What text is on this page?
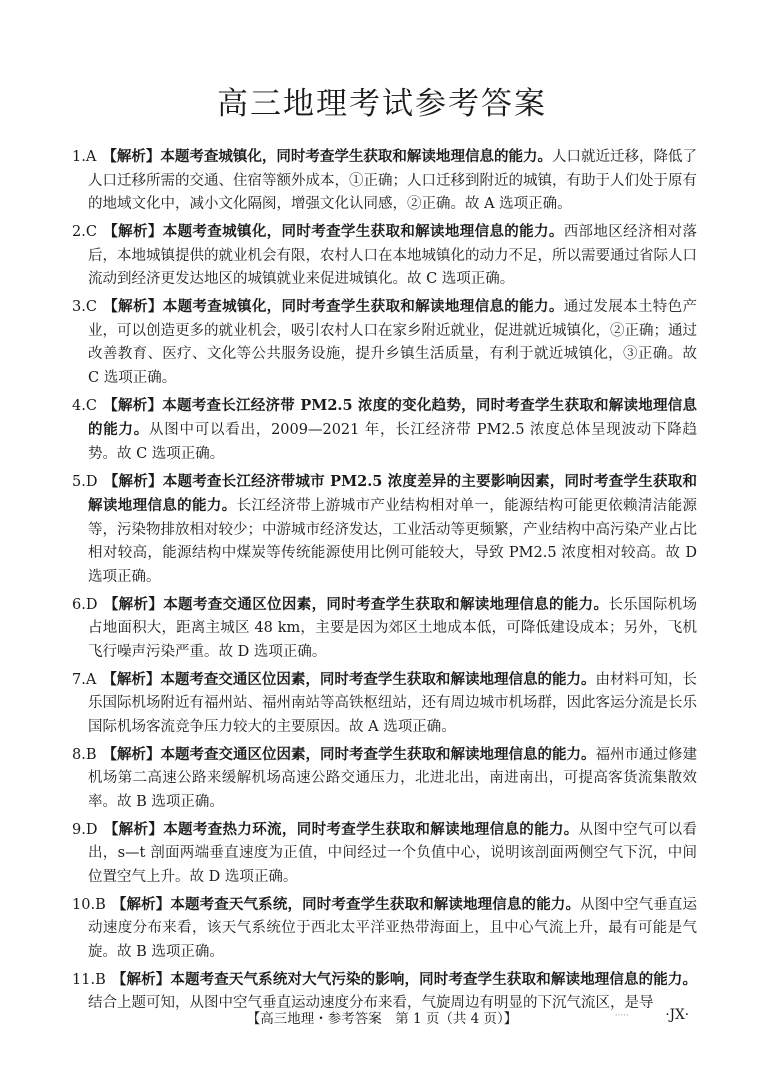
高三地理考试参考答案
1.A 【解析】本题考查城镇化，同时考查学生获取和解读地理信息的能力。人口就近迁移，降低了人口迁移所需的交通、住宿等额外成本，①正确；人口迁移到附近的城镇，有助于人们处于原有的地域文化中，减小文化隔阂，增强文化认同感，②正确。故 A 选项正确。
2.C 【解析】本题考查城镇化，同时考查学生获取和解读地理信息的能力。西部地区经济相对落后，本地城镇提供的就业机会有限，农村人口在本地城镇化的动力不足，所以需要通过省际人口流动到经济更发达地区的城镇就业来促进城镇化。故 C 选项正确。
3.C 【解析】本题考查城镇化，同时考查学生获取和解读地理信息的能力。通过发展本土特色产业，可以创造更多的就业机会，吸引农村人口在家乡附近就业，促进就近城镇化，②正确；通过改善教育、医疗、文化等公共服务设施，提升乡镇生活质量，有利于就近城镇化，③正确。故 C 选项正确。
4.C 【解析】本题考查长江经济带 PM2.5 浓度的变化趋势，同时考查学生获取和解读地理信息的能力。从图中可以看出，2009—2021 年，长江经济带 PM2.5 浓度总体呈现波动下降趋势。故 C 选项正确。
5.D 【解析】本题考查长江经济带城市 PM2.5 浓度差异的主要影响因素，同时考查学生获取和解读地理信息的能力。长江经济带上游城市产业结构相对单一，能源结构可能更依赖清洁能源等，污染物排放相对较少；中游城市经济发达，工业活动等更频繁，产业结构中高污染产业占比相对较高，能源结构中煤炭等传统能源使用比例可能较大，导致 PM2.5 浓度相对较高。故 D 选项正确。
6.D 【解析】本题考查交通区位因素，同时考查学生获取和解读地理信息的能力。长乐国际机场占地面积大，距离主城区 48 km，主要是因为郊区土地成本低，可降低建设成本；另外，飞机飞行噪声污染严重。故 D 选项正确。
7.A 【解析】本题考查交通区位因素，同时考查学生获取和解读地理信息的能力。由材料可知，长乐国际机场附近有福州站、福州南站等高铁枢纽站，还有周边城市机场群，因此客运分流是长乐国际机场客流竞争压力较大的主要原因。故 A 选项正确。
8.B 【解析】本题考查交通区位因素，同时考查学生获取和解读地理信息的能力。福州市通过修建机场第二高速公路来缓解机场高速公路交通压力，北进北出，南进南出，可提高客货流集散效率。故 B 选项正确。
9.D 【解析】本题考查热力环流，同时考查学生获取和解读地理信息的能力。从图中空气可以看出，s—t 剖面两端垂直速度为正值，中间经过一个负值中心，说明该剖面两侧空气下沉，中间位置空气上升。故 D 选项正确。
10.B 【解析】本题考查天气系统，同时考查学生获取和解读地理信息的能力。从图中空气垂直运动速度分布来看，该天气系统位于西北太平洋亚热带海面上，且中心气流上升，最有可能是气旋。故 B 选项正确。
11.B 【解析】本题考查天气系统对大气污染的影响，同时考查学生获取和解读地理信息的能力。结合上题可知，从图中空气垂直运动速度分布来看，气旋周边有明显的下沉气流区，是导
【高三地理・参考答案　第 1 页（共 4 页）】	·····	·JX·
